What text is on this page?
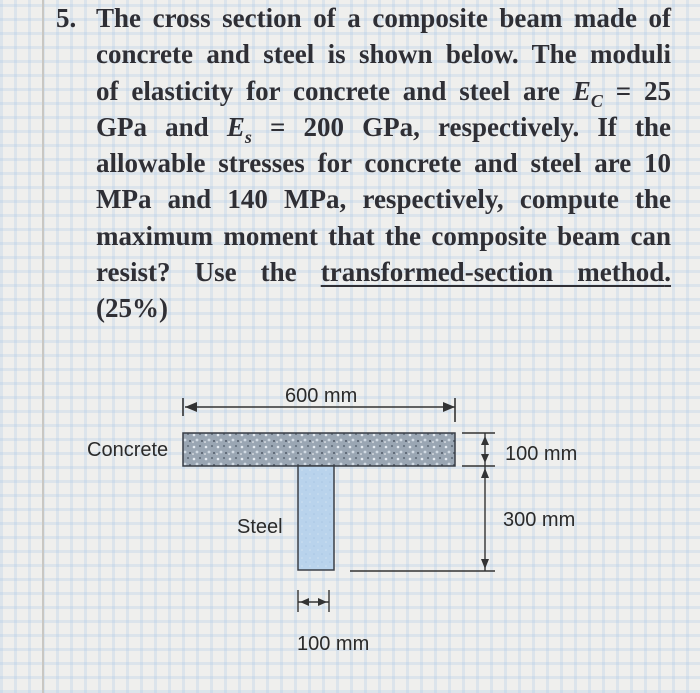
5. The cross section of a composite beam made of
concrete and steel is shown below. The moduli
of elasticity for concrete and steel are $E_C = 25$
GPa and $E_s = 200$ GPa, respectively. If the
allowable stresses for concrete and steel are 10
MPa and 140 MPa, respectively, compute the
maximum moment that the composite beam can
resist? Use the transformed-section method.
(25%)
600 mm
Concrete	100 mm
Steel	300 mm
100 mm
